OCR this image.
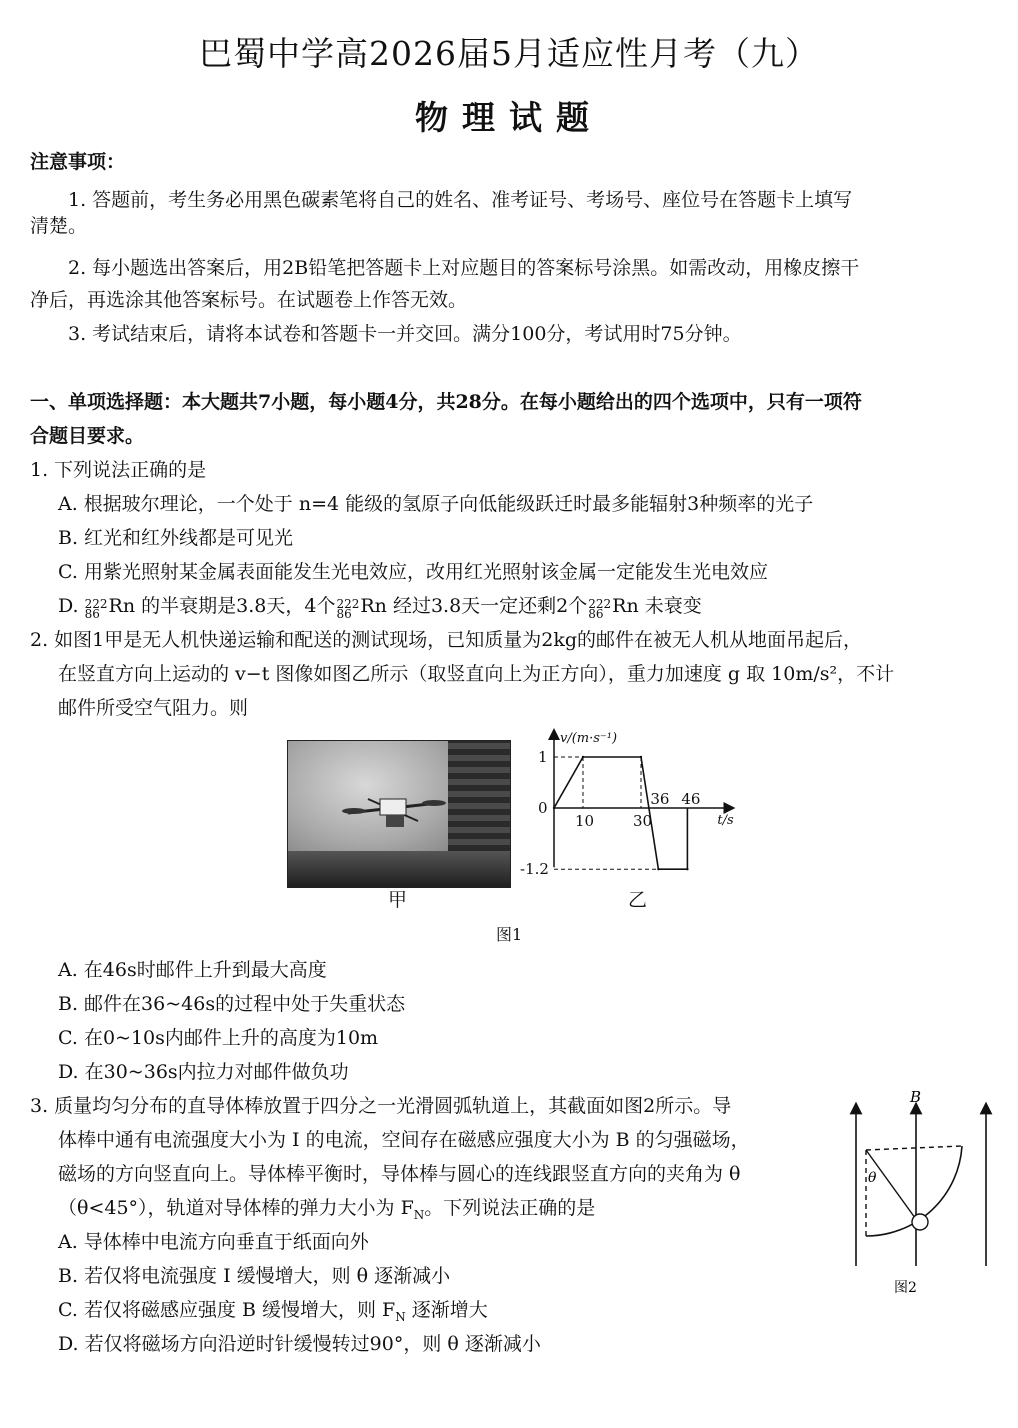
巴蜀中学高2026届5月适应性月考（九）
物理试题
注意事项：
1. 答题前，考生务必用黑色碳素笔将自己的姓名、准考证号、考场号、座位号在答题卡上填写
清楚。
2. 每小题选出答案后，用2B铅笔把答题卡上对应题目的答案标号涂黑。如需改动，用橡皮擦干
净后，再选涂其他答案标号。在试题卷上作答无效。
3. 考试结束后，请将本试卷和答题卡一并交回。满分100分，考试用时75分钟。
一、单项选择题：本大题共7小题，每小题4分，共28分。在每小题给出的四个选项中，只有一项符
合题目要求。
1. 下列说法正确的是
A. 根据玻尔理论，一个处于 n=4 能级的氢原子向低能级跃迁时最多能辐射3种频率的光子
B. 红光和红外线都是可见光
C. 用紫光照射某金属表面能发生光电效应，改用红光照射该金属一定能发生光电效应
D. 222
86 Rn 的半衰期是3.8天，4个 222
86 Rn 经过3.8天一定还剩2个 222
86 Rn 未衰变
2. 如图1甲是无人机快递运输和配送的测试现场，已知质量为2kg的邮件在被无人机从地面吊起后，
在竖直方向上运动的 v−t 图像如图乙所示（取竖直向上为正方向），重力加速度 g 取 10m/s²，不计
邮件所受空气阻力。则
甲
v/(m·s⁻¹)
t/s
1
0
-1.2
10	30
36 46
乙
图1
A. 在46s时邮件上升到最大高度
B. 邮件在36~46s的过程中处于失重状态
C. 在0~10s内邮件上升的高度为10m
D. 在30~36s内拉力对邮件做负功
3. 质量均匀分布的直导体棒放置于四分之一光滑圆弧轨道上，其截面如图2所示。导
体棒中通有电流强度大小为 I 的电流，空间存在磁感应强度大小为 B 的匀强磁场，
磁场的方向竖直向上。导体棒平衡时，导体棒与圆心的连线跟竖直方向的夹角为 θ
（θ<45°），轨道对导体棒的弹力大小为 $F_N$。下列说法正确的是
A. 导体棒中电流方向垂直于纸面向外
B. 若仅将电流强度 I 缓慢增大，则 θ 逐渐减小
C. 若仅将磁感应强度 B 缓慢增大，则 $F_N$ 逐渐增大
D. 若仅将磁场方向沿逆时针缓慢转过90°，则 θ 逐渐减小
B
θ
图2
